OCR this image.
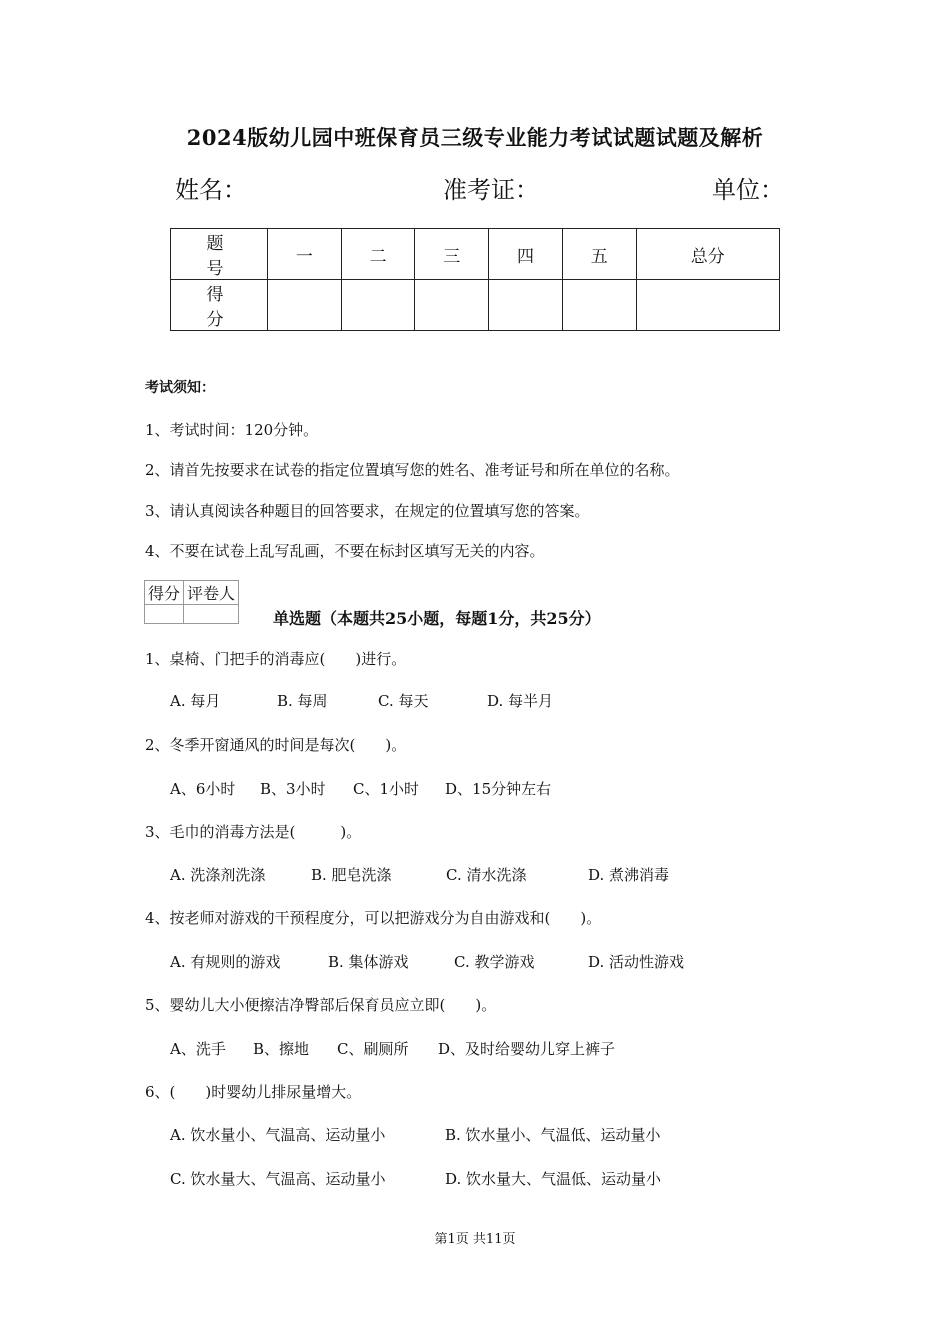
2024版幼儿园中班保育员三级专业能力考试试题试题及解析
姓名：	准考证：	单位：
题 号	一	二	三	四	五	总分
得 分						
考试须知：
1、考试时间：120分钟。
2、请首先按要求在试卷的指定位置填写您的姓名、准考证号和所在单位的名称。
3、请认真阅读各种题目的回答要求，在规定的位置填写您的答案。
4、不要在试卷上乱写乱画，不要在标封区填写无关的内容。
得分	评卷人

单选题（本题共25小题，每题1分，共25分）
1、桌椅、门把手的消毒应(　　)进行。
A. 每月	B. 每周	C. 每天	D. 每半月
2、冬季开窗通风的时间是每次(　　)。
A、6小时 B、3小时 C、1小时 D、15分钟左右
3、毛巾的消毒方法是(　　　)。
A. 洗涤剂洗涤	B. 肥皂洗涤	C. 清水洗涤	D. 煮沸消毒
4、按老师对游戏的干预程度分，可以把游戏分为自由游戏和(　　)。
A. 有规则的游戏	B. 集体游戏	C. 教学游戏	D. 活动性游戏
5、婴幼儿大小便擦洁净臀部后保育员应立即(　　)。
A、洗手 B、擦地 C、刷厕所 D、及时给婴幼儿穿上裤子
6、(　　)时婴幼儿排尿量增大。
A. 饮水量小、气温高、运动量小	B. 饮水量小、气温低、运动量小
C. 饮水量大、气温高、运动量小	D. 饮水量大、气温低、运动量小
第1页 共11页
